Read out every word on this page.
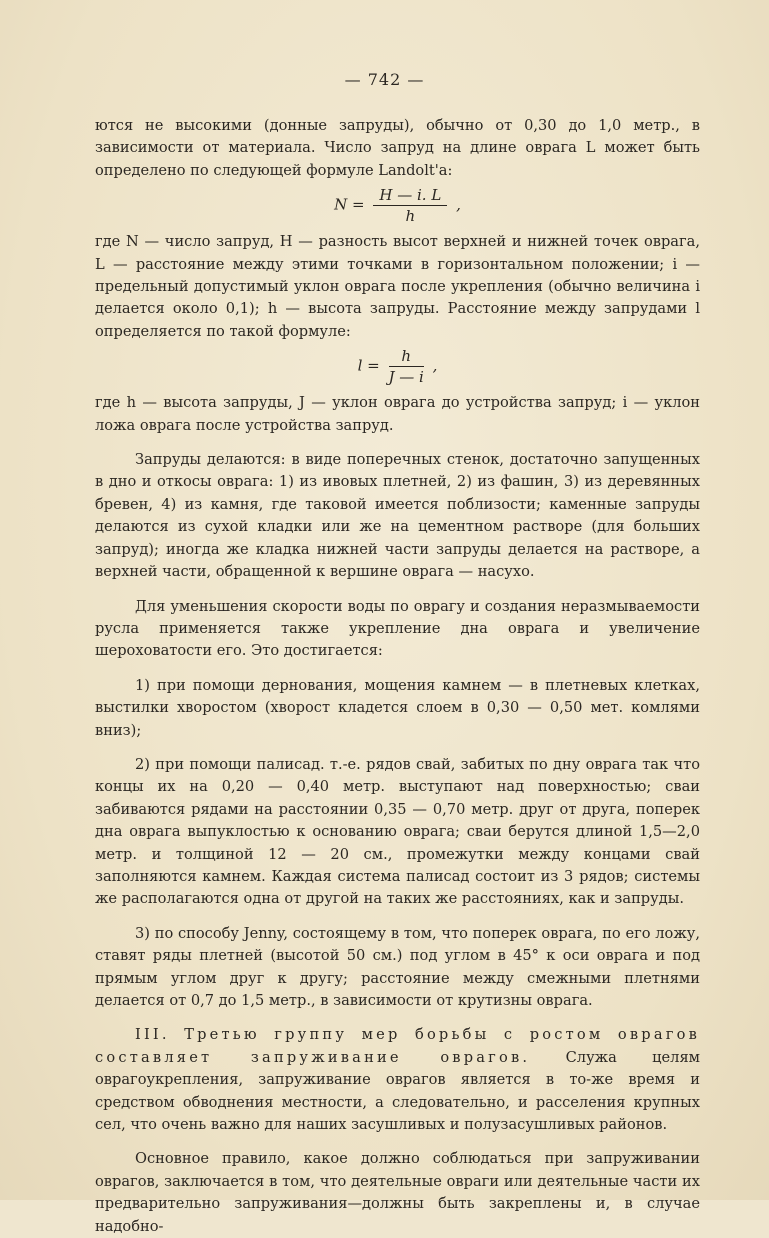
— 742 —

ются не высокими (донные запруды), обычно от 0,30 до 1,0 метр., в зависимости от материала. Число запруд на длине оврага L может быть определено по следующей формуле Landolt'а:

$N = \frac{H — i. L}{h}$ ,

где N — число запруд, H — разность высот верхней и нижней точек оврага, L — расстояние между этими точками в горизонтальном положении; i — предельный допустимый уклон оврага после укрепления (обычно величина i делается около 0,1); h — высота запруды. Расстояние между запрудами l определяется по такой формуле:

$l = \frac{h}{J — i}$ ,

где h — высота запруды, J — уклон оврага до устройства запруд; i — уклон ложа оврага после устройства запруд.

Запруды делаются: в виде поперечных стенок, достаточно запущенных в дно и откосы оврага: 1) из ивовых плетней, 2) из фашин, 3) из деревянных бревен, 4) из камня, где таковой имеется поблизости; каменные запруды делаются из сухой кладки или же на цементном растворе (для больших запруд); иногда же кладка нижней части запруды делается на растворе, а верхней части, обращенной к вершине оврага — насухо.

Для уменьшения скорости воды по оврагу и создания неразмываемости русла применяется также укрепление дна оврага и увеличение шероховатости его. Это достигается:

1) при помощи дернования, мощения камнем — в плетневых клетках, выстилки хворостом (хворост кладется слоем в 0,30 — 0,50 мет. комлями вниз);

2) при помощи палисад. т.-е. рядов свай, забитых по дну оврага так что концы их на 0,20 — 0,40 метр. выступают над поверхностью; сваи забиваются рядами на расстоянии 0,35 — 0,70 метр. друг от друга, поперек дна оврага выпуклостью к основанию оврага; сваи берутся длиной 1,5—2,0 метр. и толщиной 12 — 20 см., промежутки между концами свай заполняются камнем. Каждая система палисад состоит из 3 рядов; системы же располагаются одна от другой на таких же расстояниях, как и запруды.

3) по способу Jenny, состоящему в том, что поперек оврага, по его ложу, ставят ряды плетней (высотой 50 см.) под углом в 45° к оси оврага и под прямым углом друг к другу; расстояние между смежными плетнями делается от 0,7 до 1,5 метр., в зависимости от крутизны оврага.

III. Третью группу мер борьбы с ростом оврагов составляет запруживание оврагов. Служа целям оврагоукрепления, запруживание оврагов является в то-же время и средством обводнения местности, а следовательно, и расселения крупных сел, что очень важно для наших засушливых и полузасушливых районов.

Основное правило, какое должно соблюдаться при запруживании оврагов, заключается в том, что деятельные овраги или деятельные части их предварительно запруживания—должны быть закреплены и, в случае надобно-
